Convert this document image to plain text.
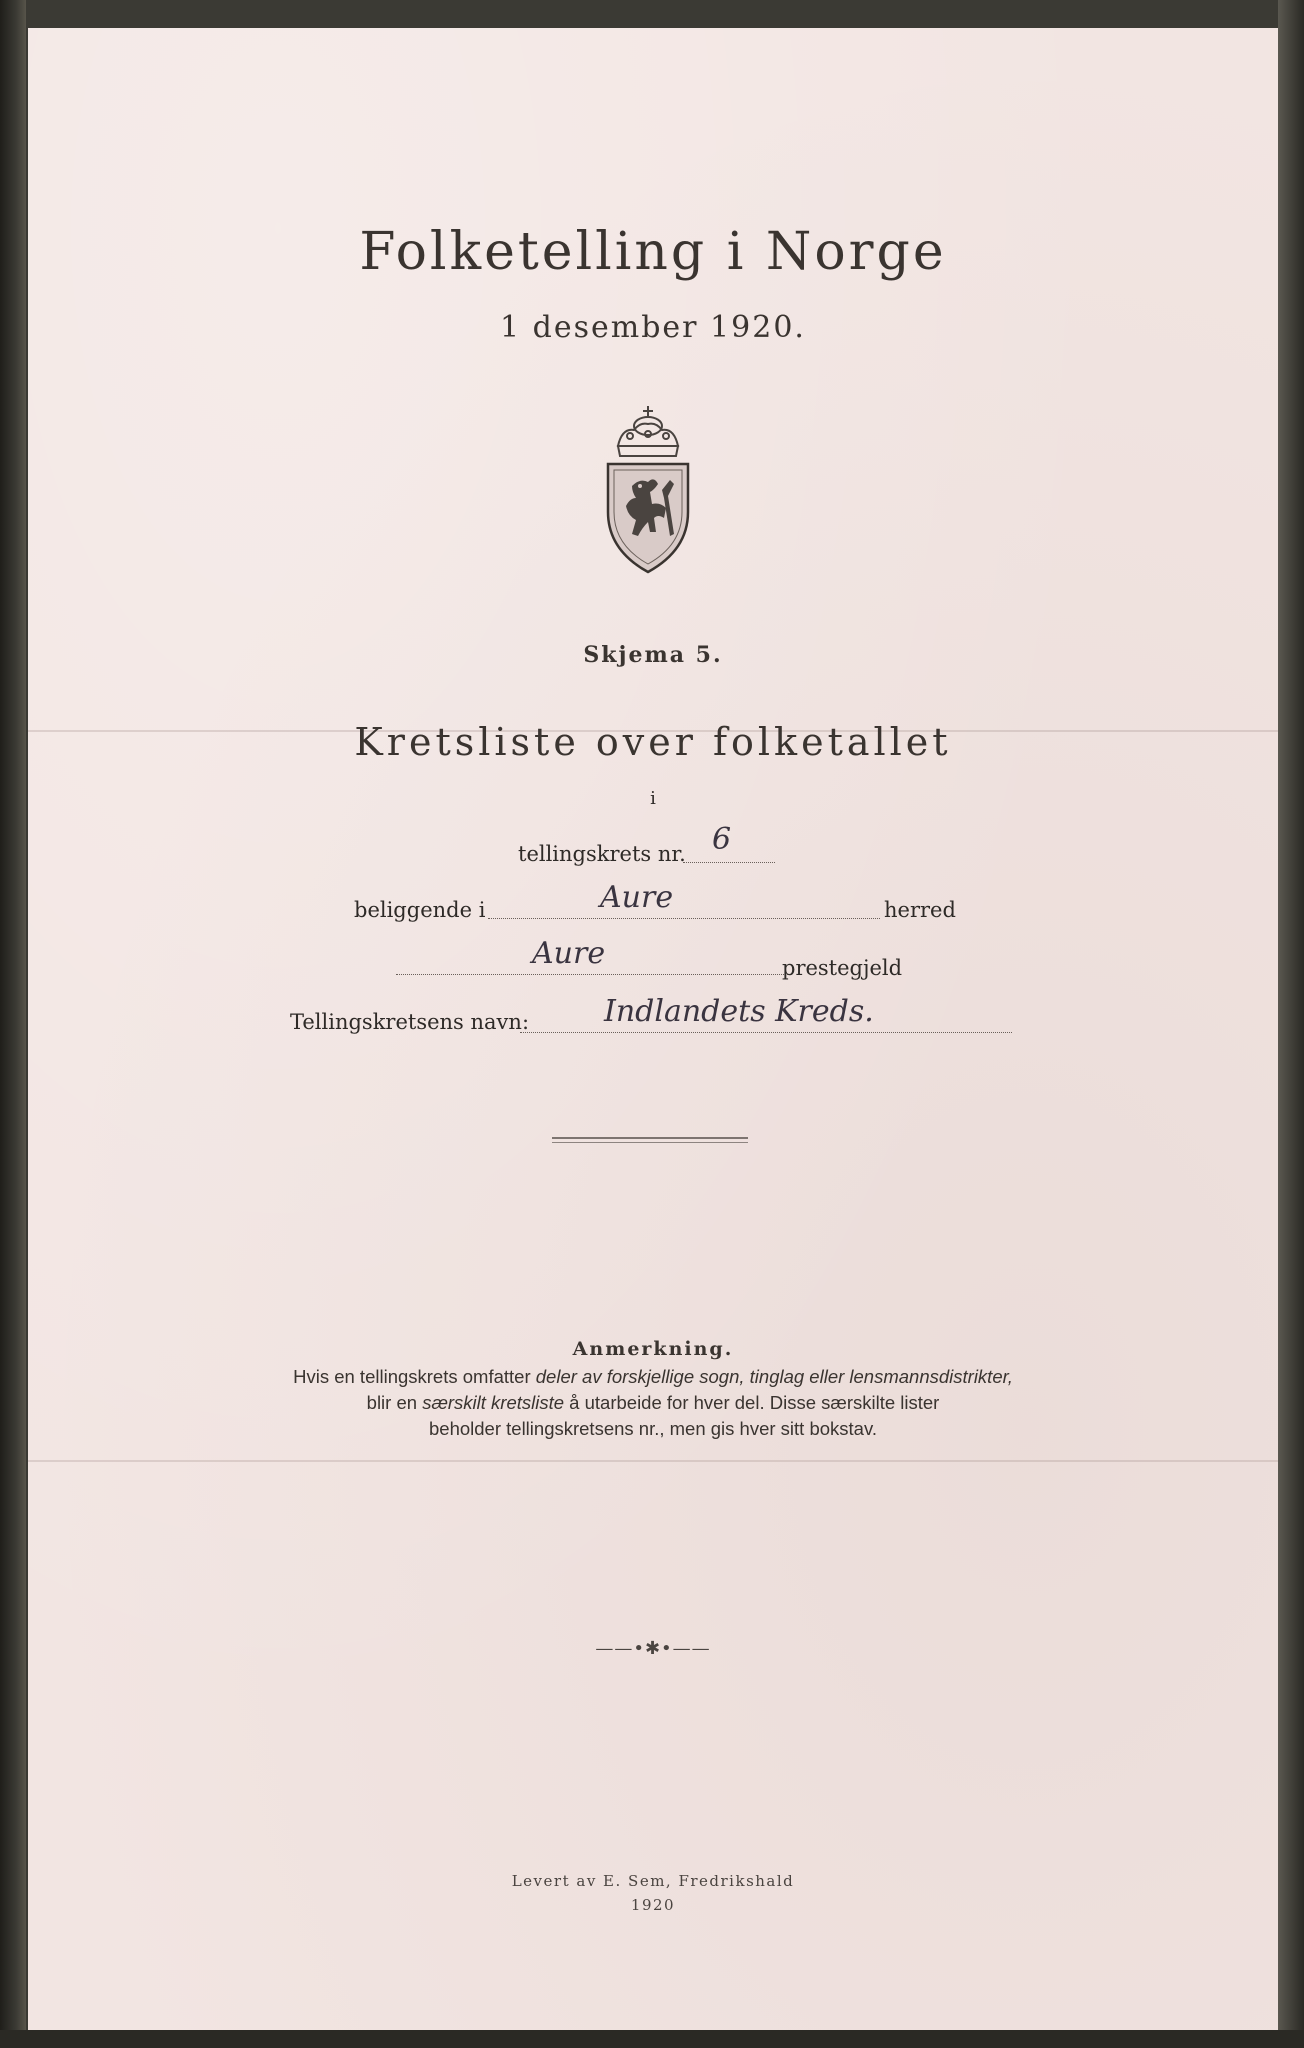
Folketelling i Norge
1 desember 1920.
Skjema 5.
Kretsliste over folketallet
i
tellingskrets nr. 6
beliggende i	Aure	herred
Aure	prestegjeld
Tellingskretsens navn: Indlandets Kreds.
Anmerkning.
Hvis en tellingskrets omfatter deler av forskjellige sogn, tinglag eller lensmannsdistrikter,
blir en særskilt kretsliste å utarbeide for hver del. Disse særskilte lister
beholder tellingskretsens nr., men gis hver sitt bokstav.
——•✱•——
Levert av E. Sem, Fredrikshald
1920
